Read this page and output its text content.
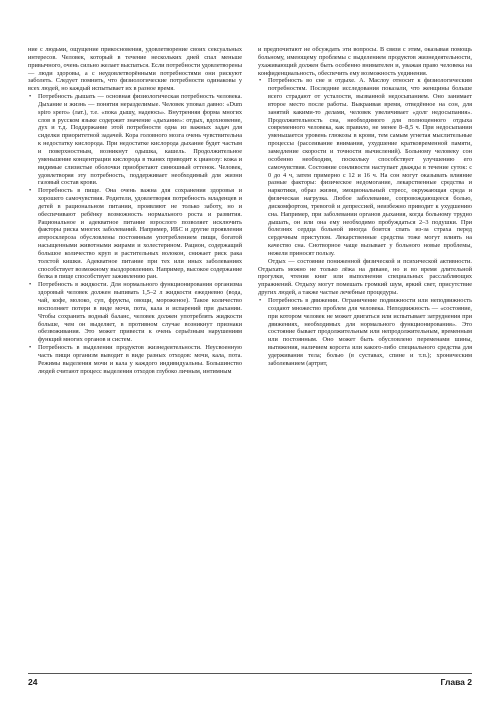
ние с людьми, ощущение прикосновения, удовлетворение своих сексуальных интересов. Человек, который в течение нескольких дней спал меньше привычного, очень сильно желает выспаться. Если потребности удовлетворены — люди здоровы, а с неудовлетворёнными потребностями они рискуют заболеть. Следует помнить, что физиологические потребности одинаковы у всех людей, но каждый испытывает их в разное время.

• Потребность дышать — основная физиологическая потребность человека. Дыхание и жизнь — понятия неразделимые. Человек уповал давно: «Dum spiro spero» (лат.), т.е. «пока дышу, надеюсь». Внутренняя форма многих слов в русском языке содержит значение «дыхание»: отдых, вдохновение, дух и т.д. Поддержание этой потребности одна из важных задач для сиделки приоритетной задачей. Кора головного мозга очень чувствительна к недостатку кислорода. При недостатке кислорода дыхание будет частым и поверхностным, возникнут одышка, кашель. Продолжительное уменьшение концентрации кислорода в тканях приводит к цианозу: кожа и видимые слизистые оболочки приобретают синюшный оттенок. Человек, удовлетворяя эту потребность, поддерживает необходимый для жизни газовый состав крови.

• Потребность в пище. Она очень важна для сохранения здоровья и хорошего самочувствия. Родители, удовлетворяя потребность младенцев и детей в рациональном питании, проявляют не только заботу, но и обеспечивают ребёнку возможность нормального роста и развития. Рациональное и адекватное питание взрослого позволяет исключить факторы риска многих заболеваний. Например, ИБС и другие проявления атеросклероза обусловлены постоянным употреблением пищи, богатой насыщенными животными жирами и холестерином. Рацион, содержащий большое количество круп и растительных волокон, снижает риск рака толстой кишки. Адекватное питание при тех или иных заболеваниях способствует возможному выздоровлению. Например, высокое содержание белка в пище способствует заживлению ран.

• Потребность в жидкости. Для нормального функционирования организма здоровый человек должен выпивать 1,5–2 л жидкости ежедневно (вода, чай, кофе, молоко, суп, фрукты, овощи, мороженое). Такое количество восполняет потери в виде мочи, пота, кала и испарений при дыхании. Чтобы сохранить водный баланс, человек должен употреблять жидкости больше, чем он выделяет, в противном случае возникнут признаки обезвоживания. Это может привести к очень серьёзным нарушениям функций многих органов и систем.

• Потребность в выделении продуктов жизнедеятельности. Неусвоенную часть пищи организм выводит в виде разных отходов: мочи, кала, пота. Режимы выделения мочи и кала у каждого индивидуальны. Большинство людей считают процесс выделения отходов глубоко личным, интимным

и предпочитают не обсуждать эти вопросы. В связи с этим, оказывая помощь больному, имеющему проблемы с выделением продуктов жизнедеятельности, ухаживающий должен быть особенно внимателен и, уважая право человека на конфиденциальность, обеспечить ему возможность уединения.

• Потребность во сне и отдыхе. А. Маслоу относит к физиологическим потребностям. Последние исследования показали, что женщины больше всего страдают от усталости, вызванной недосыпанием. Оно занимает второе место после работы. Выкраивая время, отведённое на сон, для занятий какими-то делами, человек увеличивает «долг недосыпания». Продолжительность сна, необходимого для полноценного отдыха современного человека, как правило, не менее 8–8,5 ч. При недосыпании уменьшается уровень глюкозы в крови, тем самым угнетая мыслительные процессы (рассеивание внимания, ухудшение кратковременной памяти, замедление скорости и точности вычислений). Больному человеку сон особенно необходим, поскольку способствует улучшению его самочувствия. Состояние сонливости наступает дважды в течение суток: с 0 до 4 ч, затем примерно с 12 и 16 ч. На сон могут оказывать влияние разные факторы: физическое недомогание, лекарственные средства и наркотики, образ жизни, эмоциональный стресс, окружающая среда и физическая нагрузка. Любое заболевание, сопровождающееся болью, дискомфортом, тревогой и депрессией, неизбежно приводит к ухудшению сна. Например, при заболевании органов дыхания, когда больному трудно дышать, он или она ему необходимо пробуждаться 2–3 подушки. При болезнях сердца больной иногда боится спать из-за страха перед сердечным приступом. Лекарственные средства тоже могут влиять на качество сна. Снотворное чаще вызывает у больного новые проблемы, нежели приносят пользу.

Отдых — состояние пониженной физической и психической активности. Отдыхать можно не только лёжа на диване, но и во время длительной прогулки, чтения книг или выполнения специальных расслабляющих упражнений. Отдыху могут помешать громкий шум, яркий свет, присутствие других людей, а также частые лечебные процедуры.

• Потребность в движении. Ограничение подвижности или неподвижность создают множество проблем для человека. Неподвижность — «состояние, при котором человек не может двигаться или испытывает затруднения при движениях, необходимых для нормального функционирования». Это состояние бывает продолжительным или непродолжительным, временным или постоянным. Оно может быть обусловлено переменами шины, вытяжения, наличием корсета или какого-либо специального средства для удерживания тела; болью (в суставах, спине и т.п.); хроническим заболеванием (артрит,

24	Глава 2
